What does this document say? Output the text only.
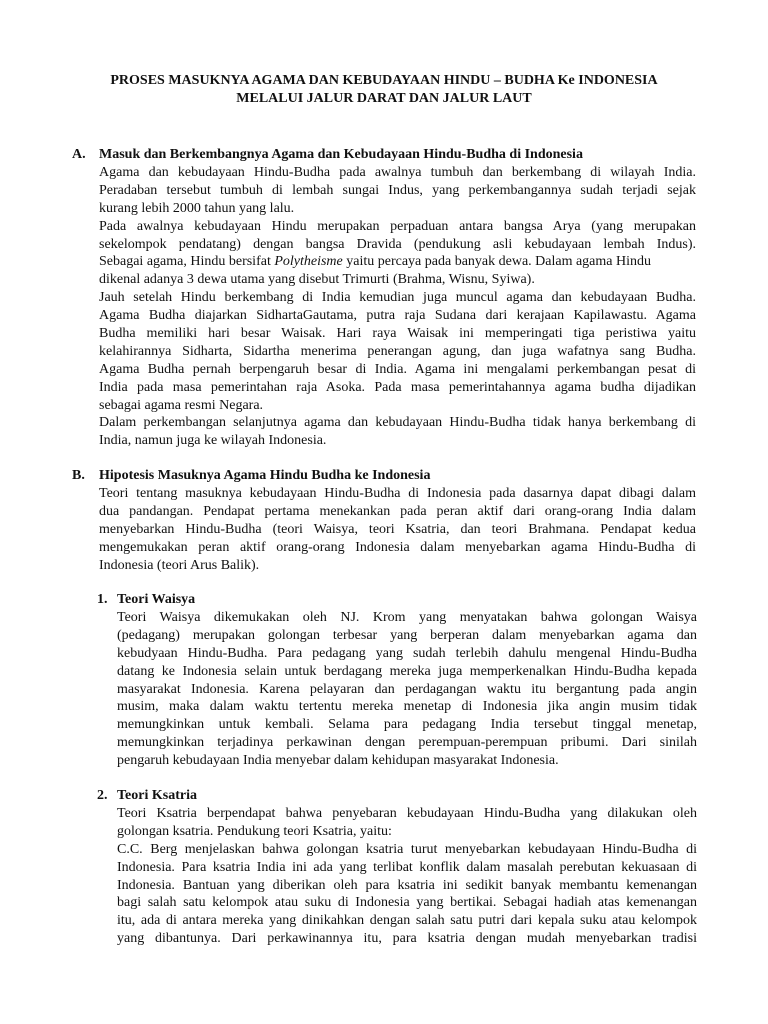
PROSES MASUKNYA AGAMA DAN KEBUDAYAAN HINDU – BUDHA Ke INDONESIA
MELALUI JALUR DARAT DAN JALUR LAUT
A. Masuk dan Berkembangnya Agama dan Kebudayaan Hindu-Budha di Indonesia
Agama dan kebudayaan Hindu-Budha pada awalnya tumbuh dan berkembang di wilayah India.
Peradaban tersebut tumbuh di lembah sungai Indus, yang perkembangannya sudah terjadi sejak
kurang lebih 2000 tahun yang lalu.
Pada awalnya kebudayaan Hindu merupakan perpaduan antara bangsa Arya (yang merupakan
sekelompok pendatang) dengan bangsa Dravida (pendukung asli kebudayaan lembah Indus).
Sebagai agama, Hindu bersifat Polytheisme yaitu percaya pada banyak dewa. Dalam agama Hindu
dikenal adanya 3 dewa utama yang disebut Trimurti (Brahma, Wisnu, Syiwa).
Jauh setelah Hindu berkembang di India kemudian juga muncul agama dan kebudayaan Budha.
Agama Budha diajarkan SidhartaGautama, putra raja Sudana dari kerajaan Kapilawastu. Agama
Budha memiliki hari besar Waisak. Hari raya Waisak ini memperingati tiga peristiwa yaitu
kelahirannya Sidharta, Sidartha menerima penerangan agung, dan juga wafatnya sang Budha.
Agama Budha pernah berpengaruh besar di India. Agama ini mengalami perkembangan pesat di
India pada masa pemerintahan raja Asoka. Pada masa pemerintahannya agama budha dijadikan
sebagai agama resmi Negara.
Dalam perkembangan selanjutnya agama dan kebudayaan Hindu-Budha tidak hanya berkembang di
India, namun juga ke wilayah Indonesia.
B. Hipotesis Masuknya Agama Hindu Budha ke Indonesia
Teori tentang masuknya kebudayaan Hindu-Budha di Indonesia pada dasarnya dapat dibagi dalam
dua pandangan. Pendapat pertama menekankan pada peran aktif dari orang-orang India dalam
menyebarkan Hindu-Budha (teori Waisya, teori Ksatria, dan teori Brahmana. Pendapat kedua
mengemukakan peran aktif orang-orang Indonesia dalam menyebarkan agama Hindu-Budha di
Indonesia (teori Arus Balik).
1. Teori Waisya
Teori Waisya dikemukakan oleh NJ. Krom yang menyatakan bahwa golongan Waisya
(pedagang) merupakan golongan terbesar yang berperan dalam menyebarkan agama dan
kebudyaan Hindu-Budha. Para pedagang yang sudah terlebih dahulu mengenal Hindu-Budha
datang ke Indonesia selain untuk berdagang mereka juga memperkenalkan Hindu-Budha kepada
masyarakat Indonesia. Karena pelayaran dan perdagangan waktu itu bergantung pada angin
musim, maka dalam waktu tertentu mereka menetap di Indonesia jika angin musim tidak
memungkinkan untuk kembali. Selama para pedagang India tersebut tinggal menetap,
memungkinkan terjadinya perkawinan dengan perempuan-perempuan pribumi. Dari sinilah
pengaruh kebudayaan India menyebar dalam kehidupan masyarakat Indonesia.
2. Teori Ksatria
Teori Ksatria berpendapat bahwa penyebaran kebudayaan Hindu-Budha yang dilakukan oleh
golongan ksatria. Pendukung teori Ksatria, yaitu:
C.C. Berg menjelaskan bahwa golongan ksatria turut menyebarkan kebudayaan Hindu-Budha di
Indonesia. Para ksatria India ini ada yang terlibat konflik dalam masalah perebutan kekuasaan di
Indonesia. Bantuan yang diberikan oleh para ksatria ini sedikit banyak membantu kemenangan
bagi salah satu kelompok atau suku di Indonesia yang bertikai. Sebagai hadiah atas kemenangan
itu, ada di antara mereka yang dinikahkan dengan salah satu putri dari kepala suku atau kelompok
yang dibantunya. Dari perkawinannya itu, para ksatria dengan mudah menyebarkan tradisi
